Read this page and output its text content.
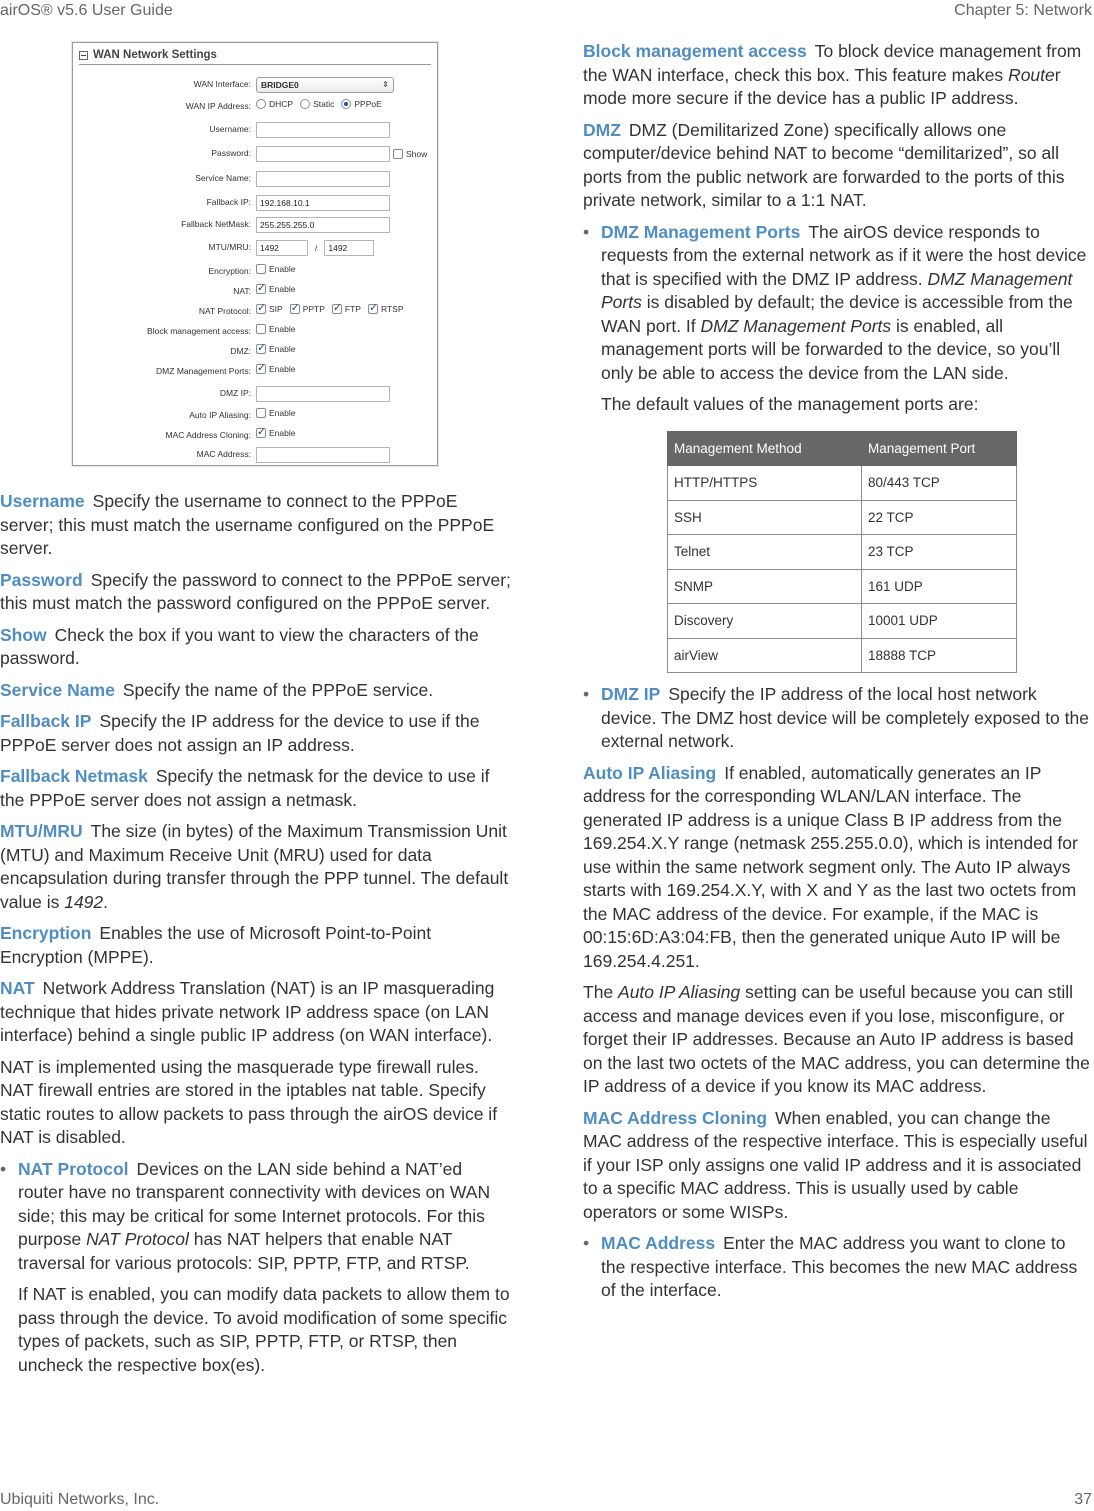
airOS® v5.6 User Guide	Chapter 5: Network
Ubiquiti Networks, Inc.	37
WAN Network Settings
WAN Interface:	BRIDGE0	⇕
WAN IP Address: DHCP Static PPPoE
Username:
Password:	Show
Service Name:
Fallback IP:	192.168.10.1
Fallback NetMask:	255.255.255.0
MTU/MRU:	1492	/	1492
Encryption: Enable
NAT: ✓ Enable
NAT Protocol: ✓ SIP ✓ PPTP ✓ FTP ✓ RTSP
Block management access: Enable
DMZ: ✓ Enable
DMZ Management Ports: ✓ Enable
DMZ IP:
Auto IP Aliasing: Enable
MAC Address Cloning: ✓ Enable
MAC Address:

Username Specify the username to connect to the PPPoE server; this must match the username configured on the PPPoE server.

Password Specify the password to connect to the PPPoE server; this must match the password configured on the PPPoE server.

Show Check the box if you want to view the characters of the password.

Service Name Specify the name of the PPPoE service.

Fallback IP Specify the IP address for the device to use if the PPPoE server does not assign an IP address.

Fallback Netmask Specify the netmask for the device to use if the PPPoE server does not assign a netmask.

MTU/MRU The size (in bytes) of the Maximum Transmission Unit (MTU) and Maximum Receive Unit (MRU) used for data encapsulation during transfer through the PPP tunnel. The default value is 1492.

Encryption Enables the use of Microsoft Point-to-Point Encryption (MPPE).

NAT Network Address Translation (NAT) is an IP masquerading technique that hides private network IP address space (on LAN interface) behind a single public IP address (on WAN interface).

NAT is implemented using the masquerade type firewall rules. NAT firewall entries are stored in the iptables nat table. Specify static routes to allow packets to pass through the airOS device if NAT is disabled.

• NAT Protocol Devices on the LAN side behind a NAT’ed router have no transparent connectivity with devices on WAN side; this may be critical for some Internet protocols. For this purpose NAT Protocol has NAT helpers that enable NAT traversal for various protocols: SIP, PPTP, FTP, and RTSP.

If NAT is enabled, you can modify data packets to allow them to pass through the device. To avoid modification of some specific types of packets, such as SIP, PPTP, FTP, or RTSP, then uncheck the respective box(es).

Block management access To block device management from the WAN interface, check this box. This feature makes Router mode more secure if the device has a public IP address.

DMZ DMZ (Demilitarized Zone) specifically allows one computer/device behind NAT to become “demilitarized”, so all ports from the public network are forwarded to the ports of this private network, similar to a 1:1 NAT.

• DMZ Management Ports The airOS device responds to requests from the external network as if it were the host device that is specified with the DMZ IP address. DMZ Management Ports is disabled by default; the device is accessible from the WAN port. If DMZ Management Ports is enabled, all management ports will be forwarded to the device, so you’ll only be able to access the device from the LAN side.

The default values of the management ports are:

Management Method	Management Port
HTTP/HTTPS	80/443 TCP
SSH	22 TCP
Telnet	23 TCP
SNMP	161 UDP
Discovery	10001 UDP
airView	18888 TCP

• DMZ IP Specify the IP address of the local host network device. The DMZ host device will be completely exposed to the external network.

Auto IP Aliasing If enabled, automatically generates an IP address for the corresponding WLAN/LAN interface. The generated IP address is a unique Class B IP address from the 169.254.X.Y range (netmask 255.255.0.0), which is intended for use within the same network segment only. The Auto IP always starts with 169.254.X.Y, with X and Y as the last two octets from the MAC address of the device. For example, if the MAC is 00:15:6D:A3:04:FB, then the generated unique Auto IP will be 169.254.4.251.

The Auto IP Aliasing setting can be useful because you can still access and manage devices even if you lose, misconfigure, or forget their IP addresses. Because an Auto IP address is based on the last two octets of the MAC address, you can determine the IP address of a device if you know its MAC address.

MAC Address Cloning When enabled, you can change the MAC address of the respective interface. This is especially useful if your ISP only assigns one valid IP address and it is associated to a specific MAC address. This is usually used by cable operators or some WISPs.

• MAC Address Enter the MAC address you want to clone to the respective interface. This becomes the new MAC address of the interface.
